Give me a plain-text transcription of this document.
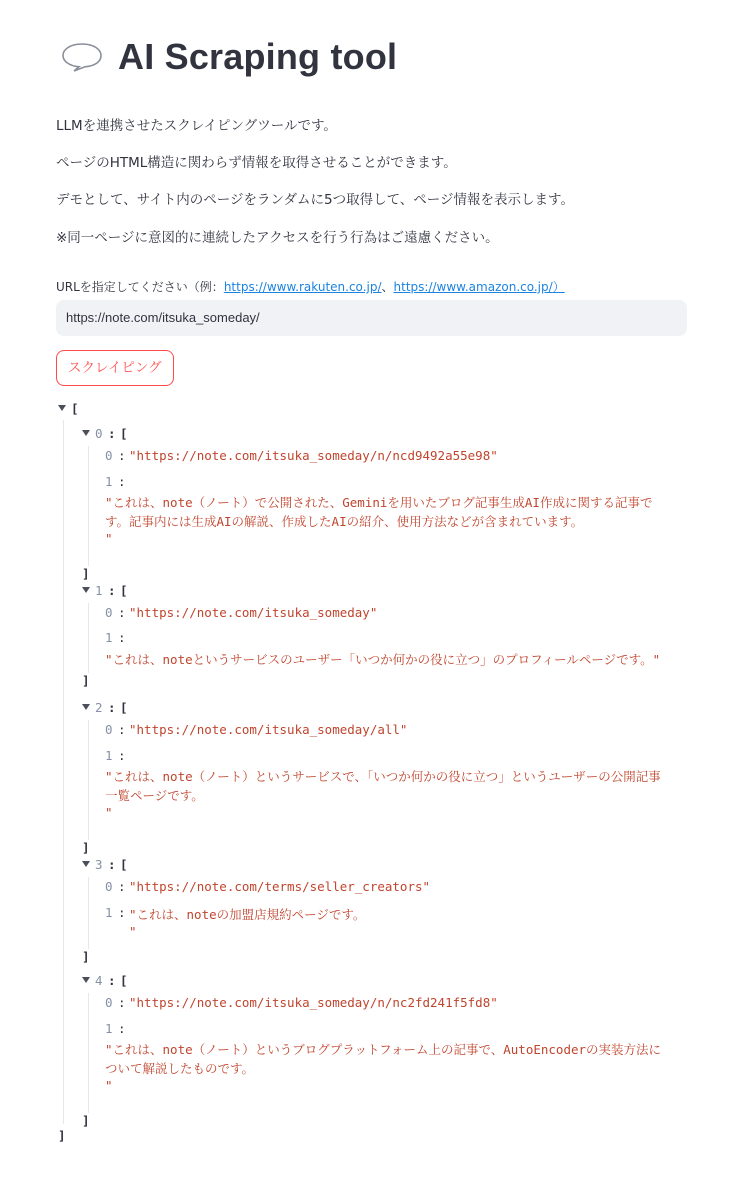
AI Scraping tool
LLMを連携させたスクレイピングツールです。
ページのHTML構造に関わらず情報を取得させることができます。
デモとして、サイト内のページをランダムに5つ取得して、ページ情報を表示します。
※同一ページに意図的に連続したアクセスを行う行為はご遠慮ください。
URLを指定してください（例：https://www.rakuten.co.jp/、https://www.amazon.co.jp/）
https://note.com/itsuka_someday/
スクレイピング
[
0 : [
0 : "https://note.com/itsuka_someday/n/ncd9492a55e98"
1 :
"これは、note（ノート）で公開された、Geminiを用いたブログ記事生成AI作成に関する記事で
す。記事内には生成AIの解説、作成したAIの紹介、使用方法などが含まれています。
"
]
1 : [
0 : "https://note.com/itsuka_someday"
1 :
"これは、noteというサービスのユーザー「いつか何かの役に立つ」のプロフィールページです。"
]
2 : [
0 : "https://note.com/itsuka_someday/all"
1 :
"これは、note（ノート）というサービスで、「いつか何かの役に立つ」というユーザーの公開記事
一覧ページです。
"
]
3 : [
0 : "https://note.com/terms/seller_creators"
1 : "これは、noteの加盟店規約ページです。
"
]
4 : [
0 : "https://note.com/itsuka_someday/n/nc2fd241f5fd8"
1 :
"これは、note（ノート）というブログプラットフォーム上の記事で、AutoEncoderの実装方法に
ついて解説したものです。
"
]
]
